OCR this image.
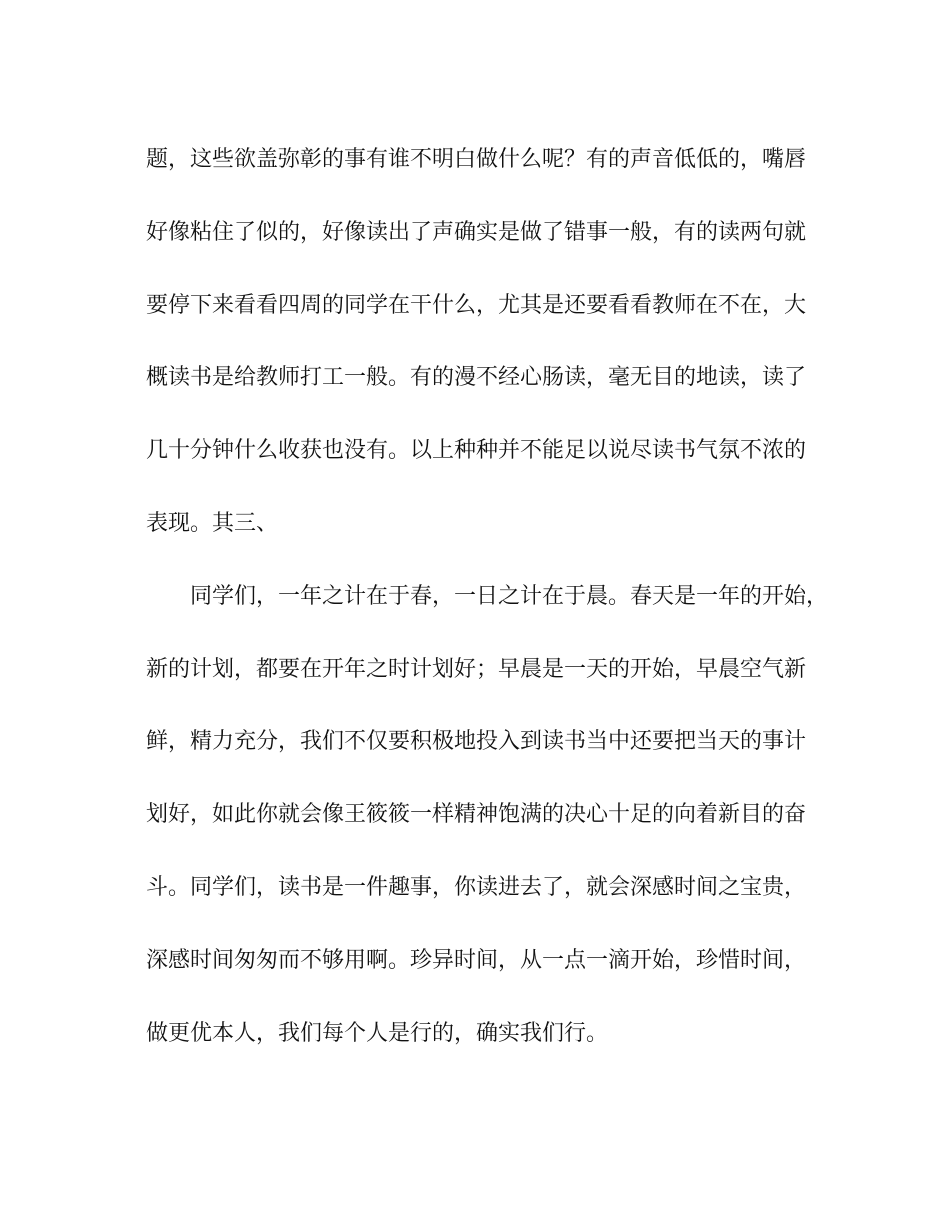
题，这些欲盖弥彰的事有谁不明白做什么呢？有的声音低低的，嘴唇
好像粘住了似的，好像读出了声确实是做了错事一般，有的读两句就
要停下来看看四周的同学在干什么，尤其是还要看看教师在不在，大
概读书是给教师打工一般。有的漫不经心肠读，毫无目的地读，读了
几十分钟什么收获也没有。以上种种并不能足以说尽读书气氛不浓的
表现。其三、
同学们，一年之计在于春，一日之计在于晨。春天是一年的开始，
新的计划，都要在开年之时计划好；早晨是一天的开始，早晨空气新
鲜，精力充分，我们不仅要积极地投入到读书当中还要把当天的事计
划好，如此你就会像王筱筱一样精神饱满的决心十足的向着新目的奋
斗。同学们，读书是一件趣事，你读进去了，就会深感时间之宝贵，
深感时间匆匆而不够用啊。珍异时间，从一点一滴开始，珍惜时间，
做更优本人，我们每个人是行的，确实我们行。
